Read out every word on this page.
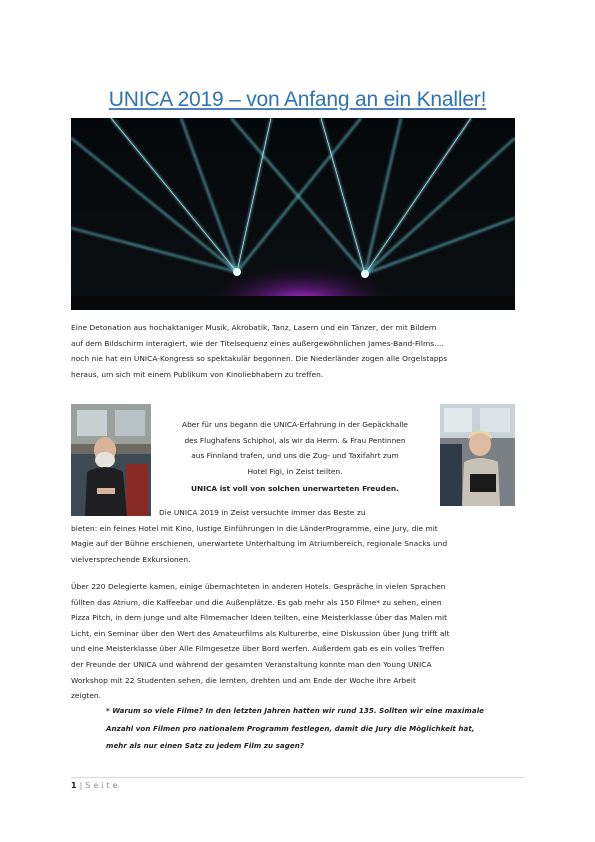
UNICA 2019 – von Anfang an ein Knaller!
Eine Detonation aus hochaktaniger Musik, Akrobatik, Tanz, Lasern und ein Tänzer, der mit Bildern
auf dem Bildschirm interagiert, wie der Titelsequenz eines außergewöhnlichen James-Band-Films.…
noch nie hat ein UNICA-Kongress so spektakulär begonnen. Die Niederländer zogen alle Orgelstapps
heraus, um sich mit einem Publikum von Kinoliebhabern zu treffen.
Aber für uns begann die UNICA-Erfahrung in der Gepäckhalle
des Flughafens Schiphol, als wir da Herrn. & Frau Pentinnen
aus Finnland trafen, und uns die Zug- und Taxifahrt zum
Hotel Figi, in Zeist teilten.
UNICA ist voll von solchen unerwarteten Freuden.
Die UNICA 2019 in Zeist versuchte immer das Beste zu
bieten: ein feines Hotel mit Kino, lustige Einführungen in die LänderProgramme, eine Jury, die mit
Magie auf der Bühne erschienen, unerwartete Unterhaltung im Atriumbereich, regionale Snacks und
vielversprechende Exkursionen.
Über 220 Delegierte kamen, einige übernachteten in anderen Hotels. Gespräche in vielen Sprachen
füllten das Atrium, die Kaffeebar und die Außenplätze. Es gab mehr als 150 Filme* zu sehen, einen
Pizza Pitch, in dem junge und alte Filmemacher Ideen teilten, eine Meisterklasse über das Malen mit
Licht, ein Seminar über den Wert des Amateurfilms als Kulturerbe, eine Diskussion über Jung trifft alt
und eine Meisterklasse über Alle Filmgesetze über Bord werfen. Außerdem gab es ein volles Treffen
der Freunde der UNICA und während der gesamten Veranstaltung konnte man den Young UNICA
Workshop mit 22 Studenten sehen, die lernten, drehten und am Ende der Woche ihre Arbeit
zeigten.
* Warum so viele Filme? In den letzten Jahren hatten wir rund 135. Sollten wir eine maximale
Anzahl von Filmen pro nationalem Programm festlegen, damit die Jury die Möglichkeit hat,
mehr als nur einen Satz zu jedem Film zu sagen?
1 | Seite
